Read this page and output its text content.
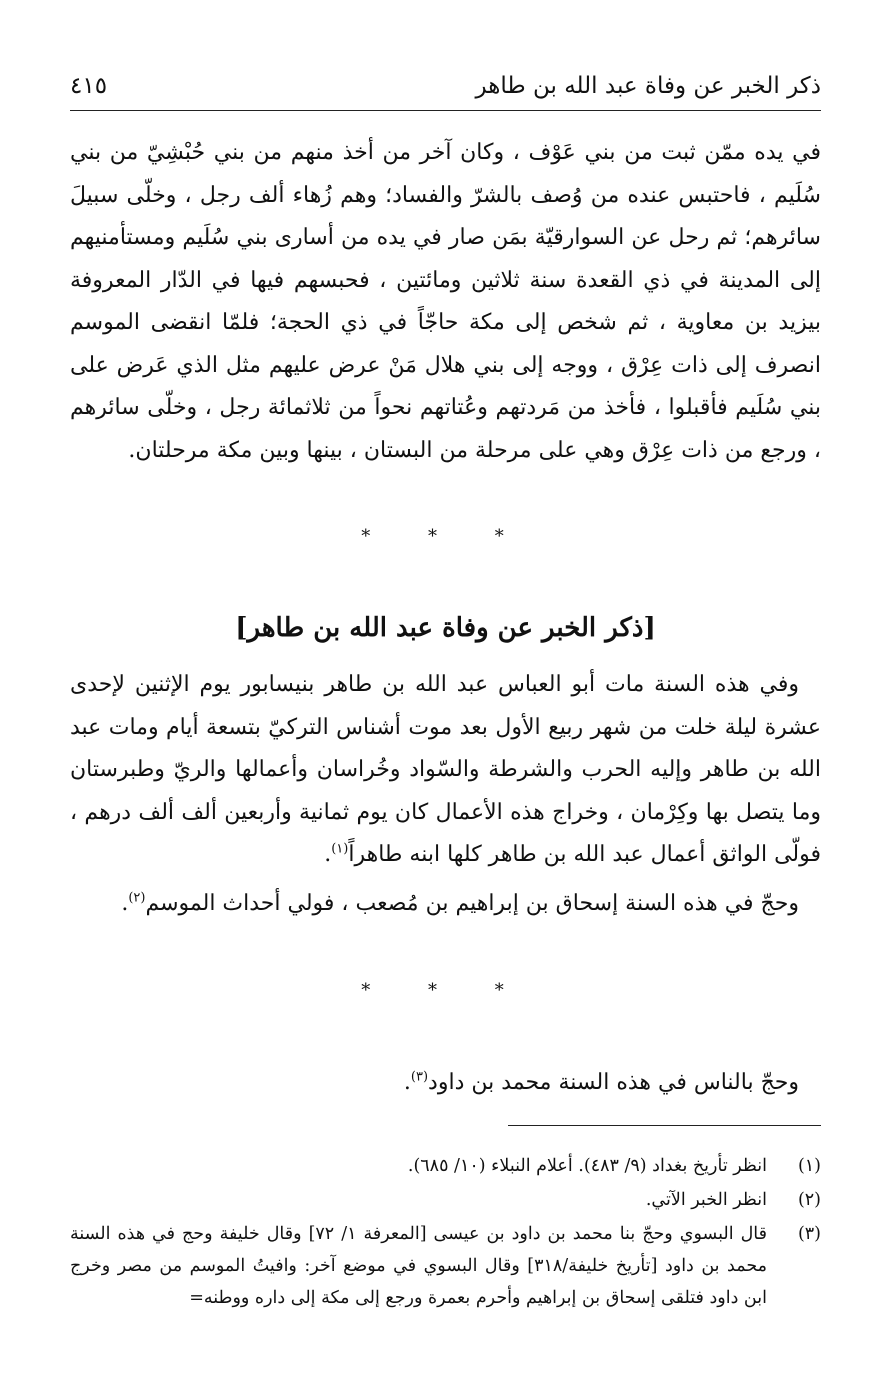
ذكر الخبر عن وفاة عبد الله بن طاهر
٤١٥

في يده ممّن ثبت من بني عَوْف ، وكان آخر من أخذ منهم من بني حُبْشِيّ من بني سُلَيم ، فاحتبس عنده من وُصف بالشرّ والفساد؛ وهم زُهاء ألف رجل ، وخلّى سبيلَ سائرهم؛ ثم رحل عن السوارقيّة بمَن صار في يده من أسارى بني سُلَيم ومستأمنيهم إلى المدينة في ذي القعدة سنة ثلاثين ومائتين ، فحبسهم فيها في الدّار المعروفة بيزيد بن معاوية ، ثم شخص إلى مكة حاجّاً في ذي الحجة؛ فلمّا انقضى الموسم انصرف إلى ذات عِرْق ، ووجه إلى بني هلال مَنْ عرض عليهم مثل الذي عَرض على بني سُلَيم فأقبلوا ، فأخذ من مَردتهم وعُتاتهم نحواً من ثلاثمائة رجل ، وخلّى سائرهم ، ورجع من ذات عِرْق وهي على مرحلة من البستان ، بينها وبين مكة مرحلتان.

* * *
[ذكر الخبر عن وفاة عبد الله بن طاهر]

وفي هذه السنة مات أبو العباس عبد الله بن طاهر بنيسابور يوم الإثنين لإحدى عشرة ليلة خلت من شهر ربيع الأول بعد موت أشناس التركيّ بتسعة أيام ومات عبد الله بن طاهر وإليه الحرب والشرطة والسّواد وخُراسان وأعمالها والريّ وطبرستان وما يتصل بها وكِرْمان ، وخراج هذه الأعمال كان يوم ثمانية وأربعين ألف ألف درهم ، فولّى الواثق أعمال عبد الله بن طاهر كلها ابنه طاهراً$^{(١)}$.

وحجّ في هذه السنة إسحاق بن إبراهيم بن مُصعب ، فولي أحداث الموسم$^{(٢)}$.

* * *

وحجّ بالناس في هذه السنة محمد بن داود$^{(٣)}$.

(١)
انظر تأريخ بغداد (٩/ ٤٨٣). أعلام النبلاء (١٠/ ٦٨٥).
(٢)
انظر الخبر الآتي.
(٣)
قال البسوي وحجّ بنا محمد بن داود بن عيسى [المعرفة ١/ ٧٢] وقال خليفة وحج في هذه السنة محمد بن داود [تأريخ خليفة/٣١٨] وقال البسوي في موضع آخر: وافيتُ الموسم من مصر وخرج ابن داود فتلقى إسحاق بن إبراهيم وأحرم بعمرة ورجع إلى مكة إلى داره ووطنه=
